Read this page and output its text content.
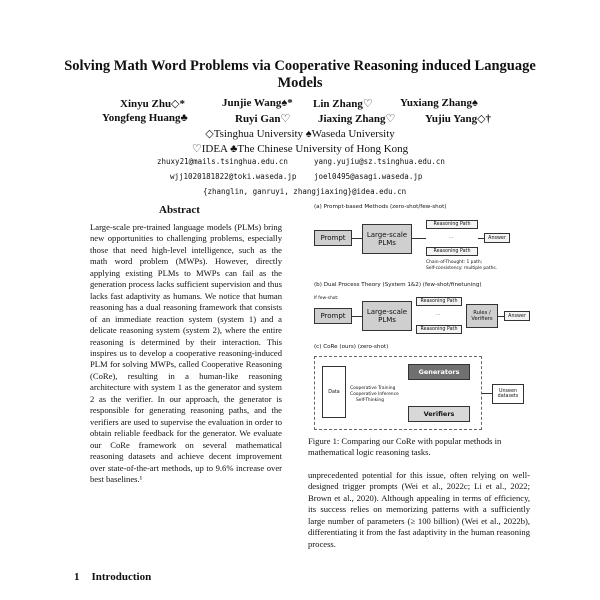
Solving Math Word Problems via Cooperative Reasoning induced Language Models
Xinyu Zhu◇*	Junjie Wang♠* Lin Zhang♡ Yuxiang Zhang♠
Yongfeng Huang♣	Ruyi Gan♡	Jiaxing Zhang♡	Yujiu Yang◇†
◇Tsinghua University ♠Waseda University
♡IDEA ♣The Chinese University of Hong Kong
zhuxy21@mails.tsinghua.edu.cn	yang.yujiu@sz.tsinghua.edu.cn
wjj1020181822@toki.waseda.jp joel0495@asagi.waseda.jp
{zhanglin, ganruyi, zhangjiaxing}@idea.edu.cn
Abstract
Large-scale pre-trained language models (PLMs) bring new opportunities to challenging problems, especially those that need high-level intelligence, such as the math word problem (MWPs). However, directly applying existing PLMs to MWPs can fail as the generation process lacks sufficient supervision and thus lacks fast adaptivity as humans. We notice that human reasoning has a dual reasoning framework that consists of an immediate reaction system (system 1) and a delicate reasoning system (system 2), where the entire reasoning is determined by their interaction. This inspires us to develop a cooperative reasoning-induced PLM for solving MWPs, called Cooperative Reasoning (CoRe), resulting in a human-like reasoning architecture with system 1 as the generator and system 2 as the verifier. In our approach, the generator is responsible for generating reasoning paths, and the verifiers are used to supervise the evaluation in order to obtain reliable feedback for the generator. We evaluate our CoRe framework on several mathematical reasoning datasets and achieve decent improvement over state-of-the-art methods, up to 9.6% increase over best baselines.¹
1 Introduction
(a) Prompt-based Methods (zero-shot/few-shot)
Prompt	Large-scale PLMs
Reasoning Path
...
Reasoning Path
Answer
Chain-of-Thought: 1 path;
Self-consistency: multiple paths.
(b) Dual Process Theory (System 1&2) (few-shot/finetuning)
If few-shot:
Prompt	Large-scale PLMs
Reasoning Path
...
Reasoning Path
Rules / Verifiers	Answer
(c) CoRe (ours) (zero-shot)
Data
Cooperative Training
Cooperative Inference
Self-Thinking
Generators
Verifiers
Unseen datasets
Figure 1: Comparing our CoRe with popular methods in mathematical logic reasoning tasks.
unprecedented potential for this issue, often relying on well-designed trigger prompts (Wei et al., 2022c; Li et al., 2022; Brown et al., 2020). Although appealing in terms of efficiency, its success relies on memorizing patterns with a sufficiently large number of parameters (≥ 100 billion) (Wei et al., 2022b), differentiating it from the fast adaptivity in the human reasoning process.
